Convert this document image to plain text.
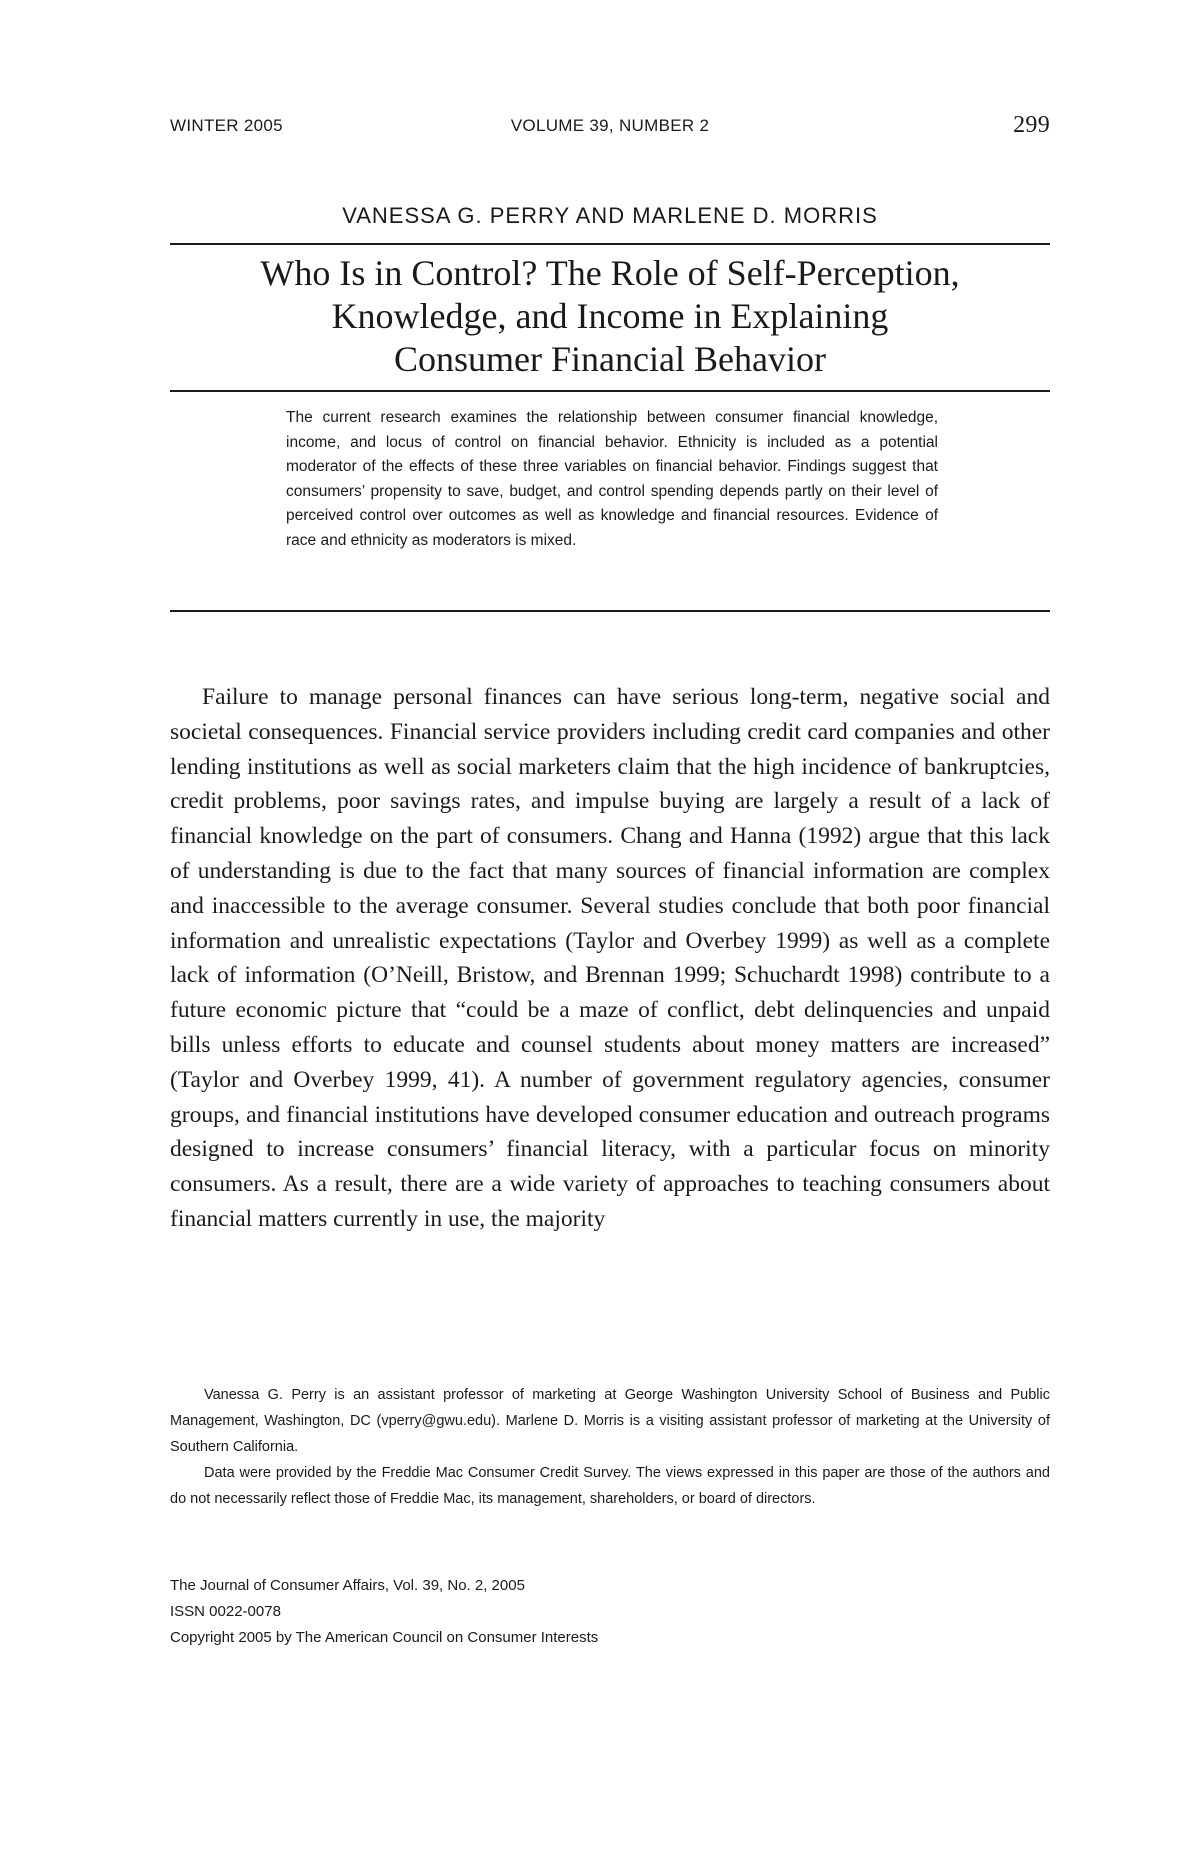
WINTER 2005	VOLUME 39, NUMBER 2	299
VANESSA G. PERRY AND MARLENE D. MORRIS
Who Is in Control? The Role of Self-Perception,
Knowledge, and Income in Explaining
Consumer Financial Behavior
The current research examines the relationship between consumer financial knowledge, income, and locus of control on financial behavior. Ethnicity is included as a potential moderator of the effects of these three variables on financial behavior. Findings suggest that consumers’ propensity to save, budget, and control spending depends partly on their level of perceived control over outcomes as well as knowledge and financial resources. Evidence of race and ethnicity as moderators is mixed.

Failure to manage personal finances can have serious long-term, negative social and societal consequences. Financial service providers including credit card companies and other lending institutions as well as social marketers claim that the high incidence of bankruptcies, credit problems, poor savings rates, and impulse buying are largely a result of a lack of financial knowledge on the part of consumers. Chang and Hanna (1992) argue that this lack of understanding is due to the fact that many sources of financial information are complex and inaccessible to the average consumer. Several studies conclude that both poor financial information and unrealistic expectations (Taylor and Overbey 1999) as well as a complete lack of information (O’Neill, Bristow, and Brennan 1999; Schuchardt 1998) contribute to a future economic picture that “could be a maze of conflict, debt delinquencies and unpaid bills unless efforts to educate and counsel students about money matters are increased” (Taylor and Overbey 1999, 41). A number of government regulatory agencies, consumer groups, and financial institutions have developed consumer education and outreach programs designed to increase consumers’ financial literacy, with a particular focus on minority consumers. As a result, there are a wide variety of approaches to teaching consumers about financial matters currently in use, the majority

Vanessa G. Perry is an assistant professor of marketing at George Washington University School of Business and Public Management, Washington, DC (vperry@gwu.edu). Marlene D. Morris is a visiting assistant professor of marketing at the University of Southern California.

Data were provided by the Freddie Mac Consumer Credit Survey. The views expressed in this paper are those of the authors and do not necessarily reflect those of Freddie Mac, its management, shareholders, or board of directors.

The Journal of Consumer Affairs, Vol. 39, No. 2, 2005
ISSN 0022-0078
Copyright 2005 by The American Council on Consumer Interests
